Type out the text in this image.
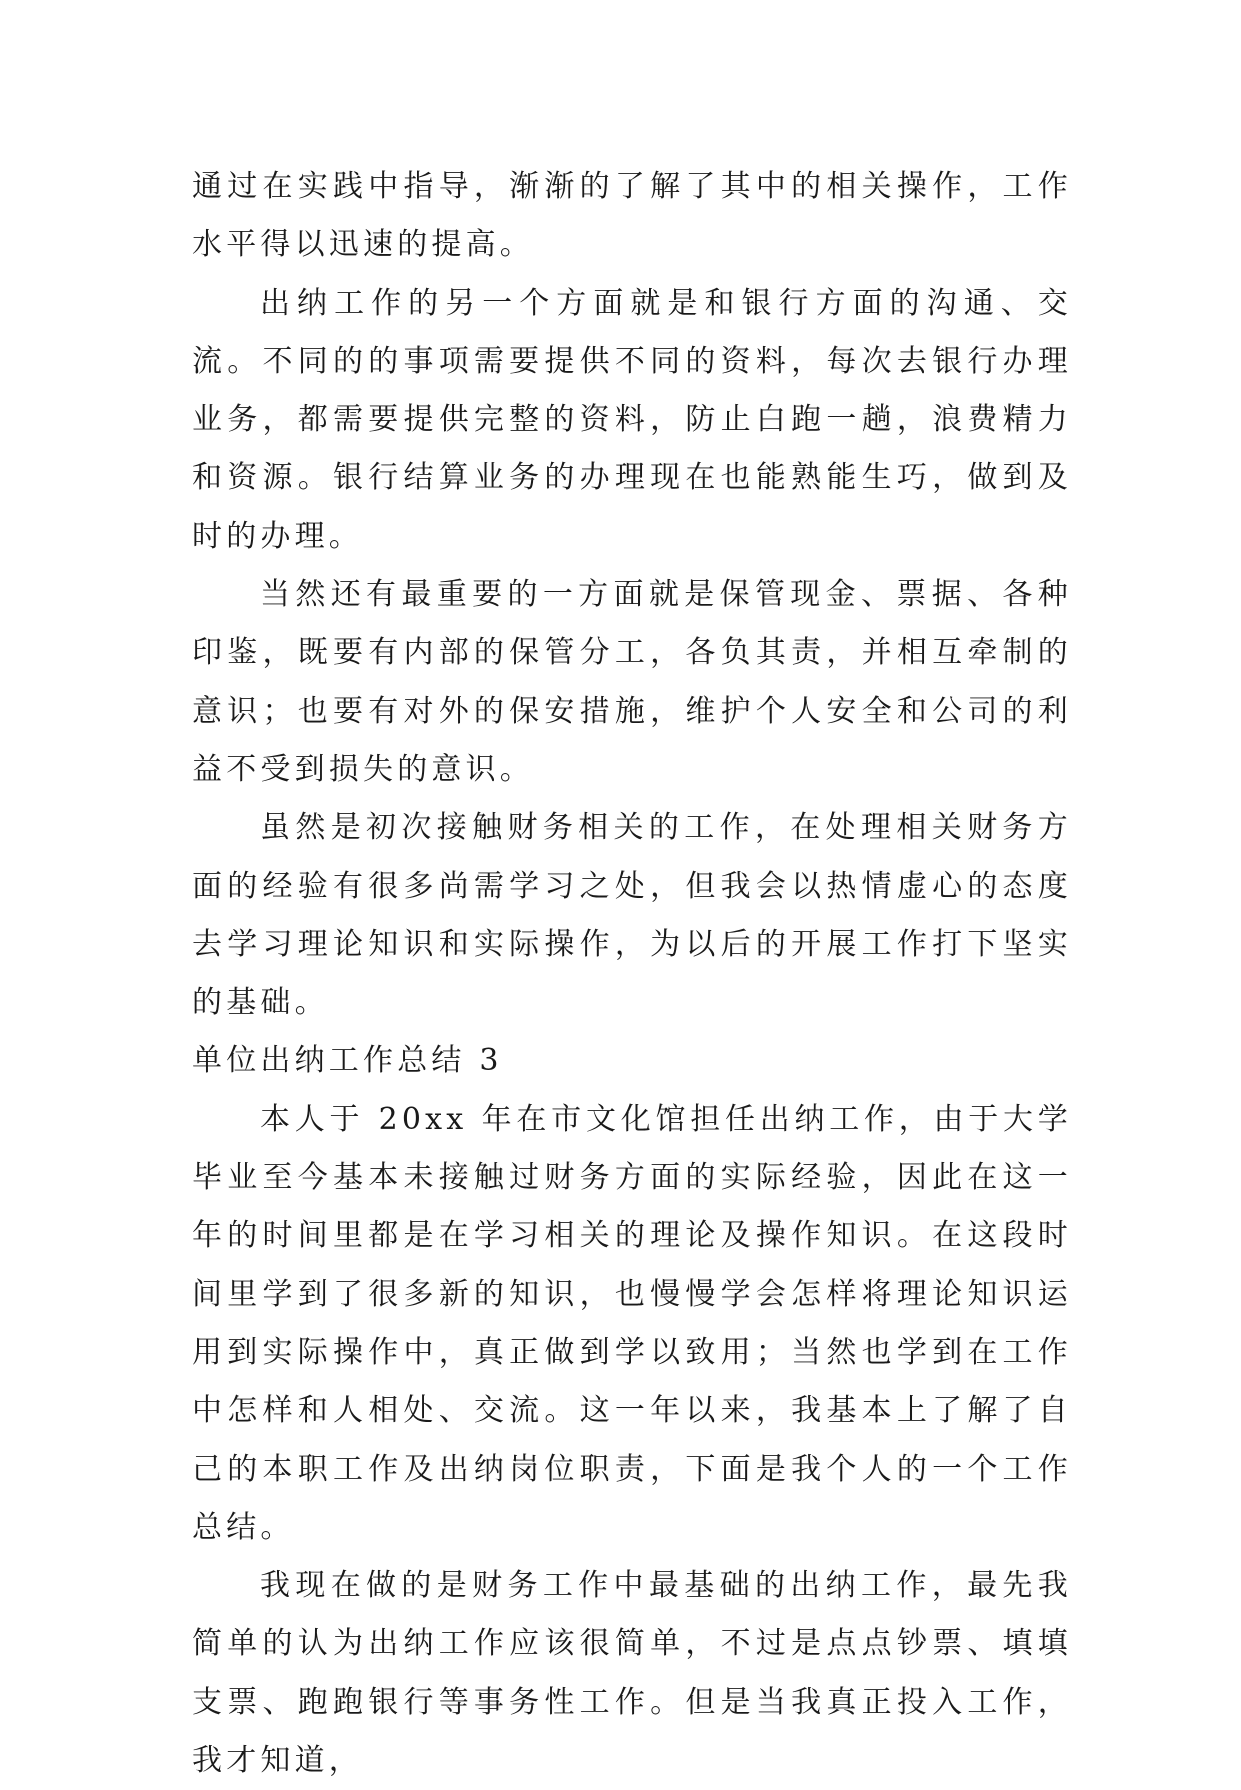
通过在实践中指导，渐渐的了解了其中的相关操作，工作水平得以迅速的提高。

出纳工作的另一个方面就是和银行方面的沟通、交流。不同的的事项需要提供不同的资料，每次去银行办理业务，都需要提供完整的资料，防止白跑一趟，浪费精力和资源。银行结算业务的办理现在也能熟能生巧，做到及时的办理。

当然还有最重要的一方面就是保管现金、票据、各种印鉴，既要有内部的保管分工，各负其责，并相互牵制的意识；也要有对外的保安措施，维护个人安全和公司的利益不受到损失的意识。

虽然是初次接触财务相关的工作，在处理相关财务方面的经验有很多尚需学习之处，但我会以热情虚心的态度去学习理论知识和实际操作，为以后的开展工作打下坚实的基础。

单位出纳工作总结 3

本人于 20xx 年在市文化馆担任出纳工作，由于大学毕业至今基本未接触过财务方面的实际经验，因此在这一年的时间里都是在学习相关的理论及操作知识。在这段时间里学到了很多新的知识，也慢慢学会怎样将理论知识运用到实际操作中，真正做到学以致用；当然也学到在工作中怎样和人相处、交流。这一年以来，我基本上了解了自己的本职工作及出纳岗位职责，下面是我个人的一个工作总结。

我现在做的是财务工作中最基础的出纳工作，最先我简单的认为出纳工作应该很简单，不过是点点钞票、填填支票、跑跑银行等事务性工作。但是当我真正投入工作，我才知道，
